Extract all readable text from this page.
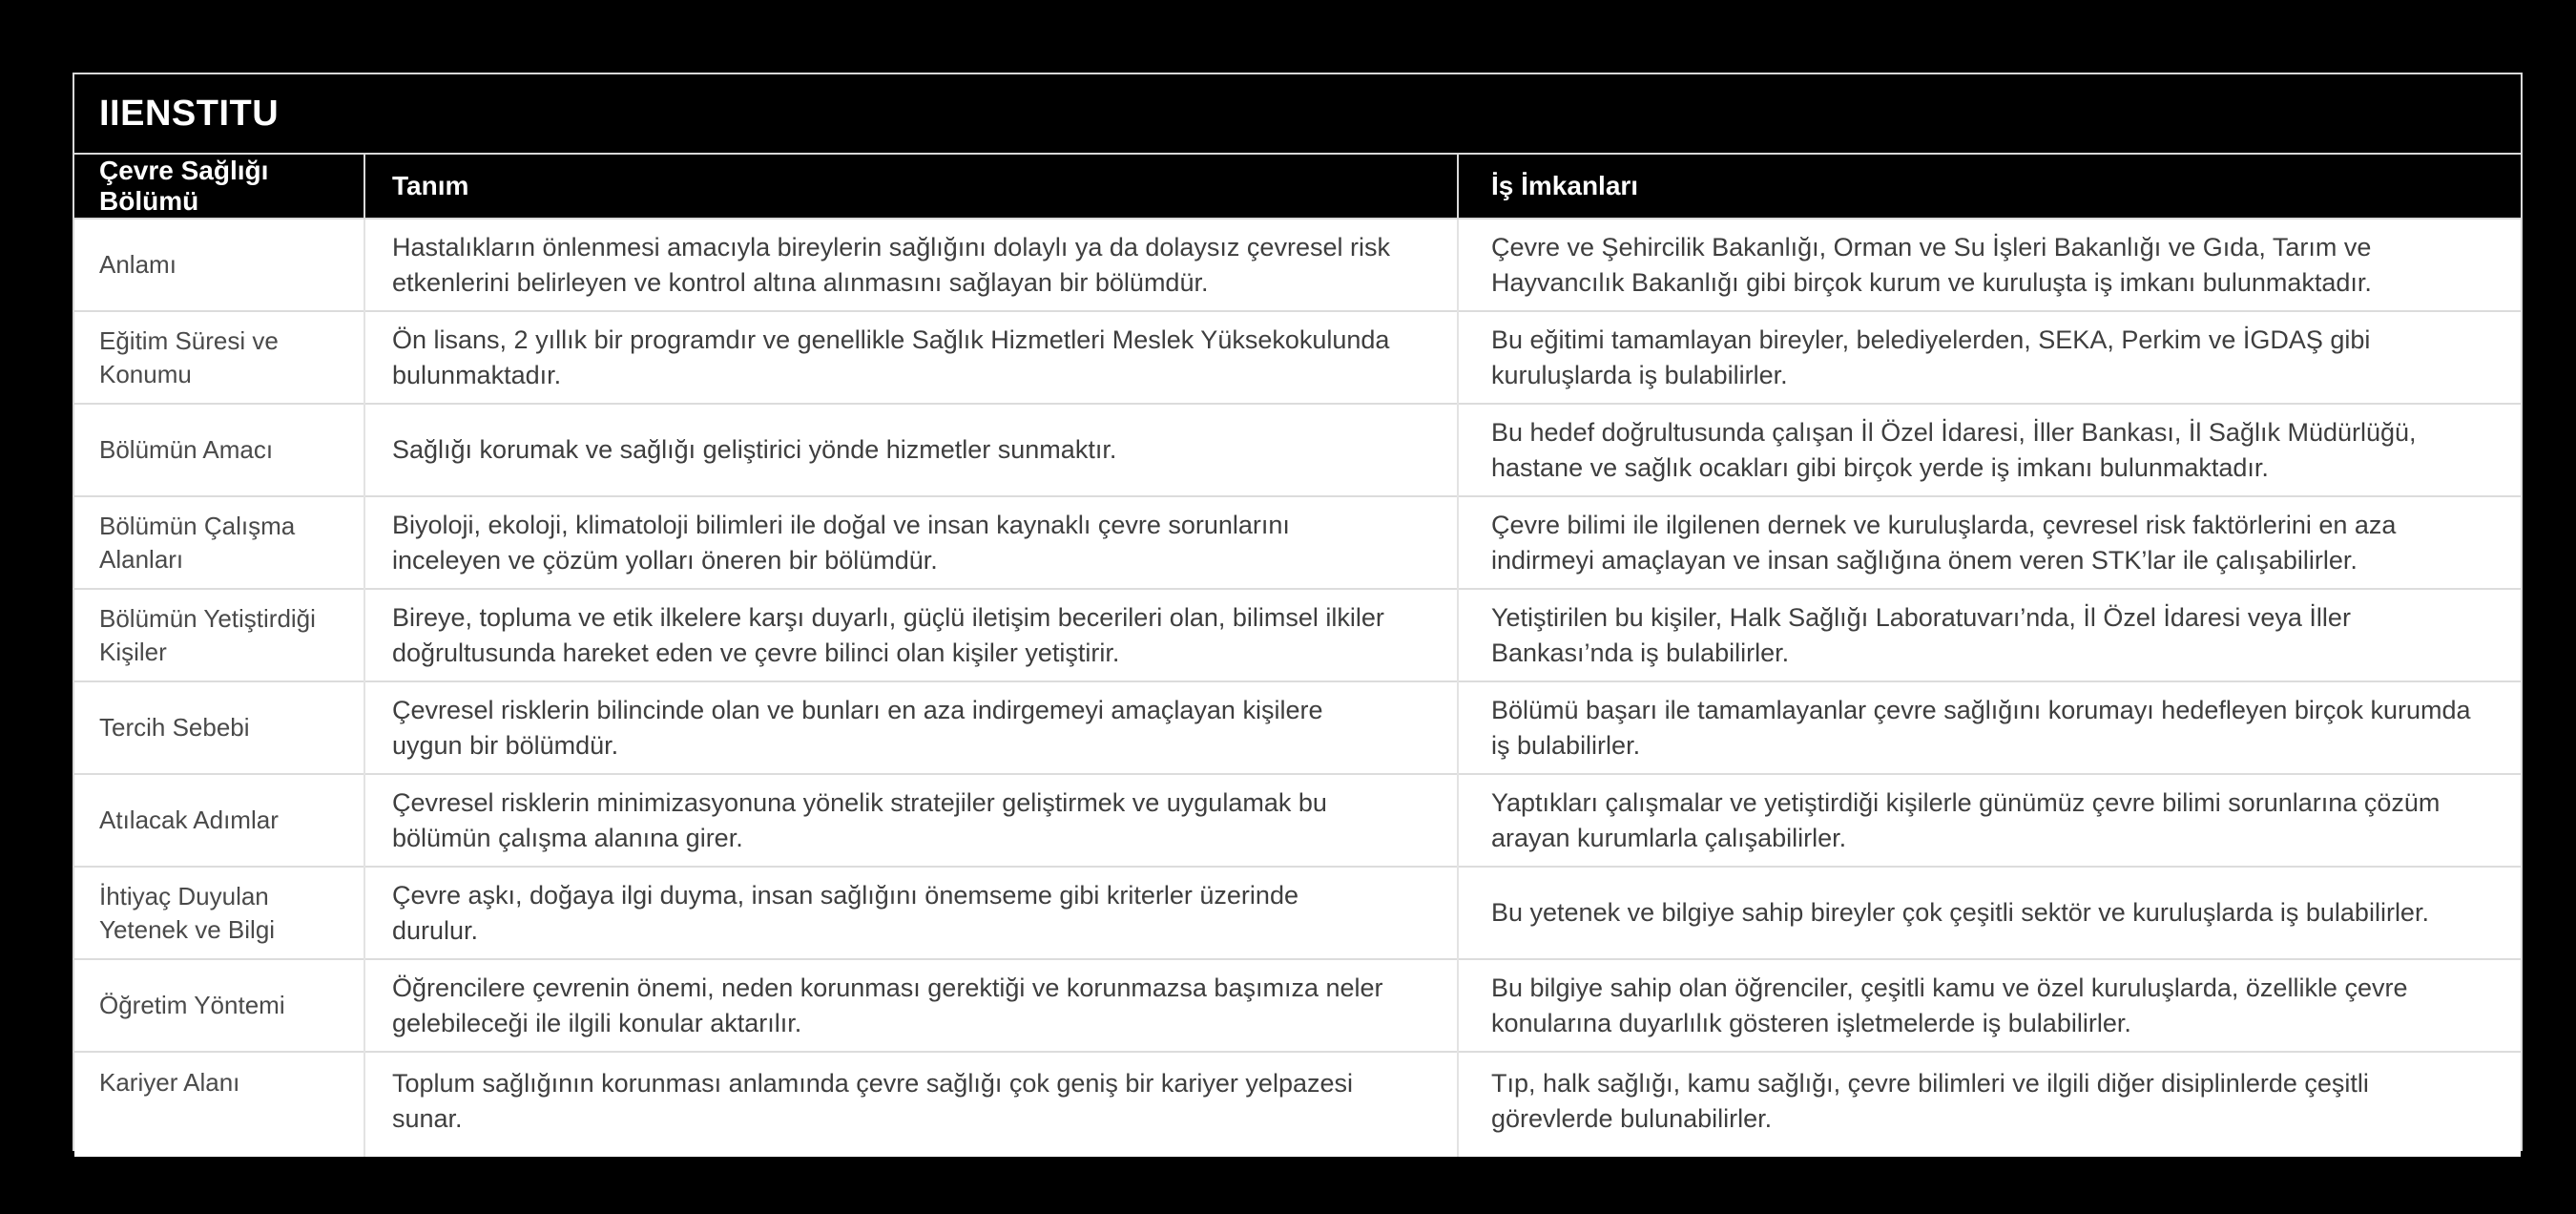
IIENSTITU
Çevre Sağlığı Bölümü	Tanım	İş İmkanları
Anlamı	Hastalıkların önlenmesi amacıyla bireylerin sağlığını dolaylı ya da dolaysız çevresel risk etkenlerini belirleyen ve kontrol altına alınmasını sağlayan bir bölümdür.	Çevre ve Şehircilik Bakanlığı, Orman ve Su İşleri Bakanlığı ve Gıda, Tarım ve Hayvancılık Bakanlığı gibi birçok kurum ve kuruluşta iş imkanı bulunmaktadır.
Eğitim Süresi ve Konumu	Ön lisans, 2 yıllık bir programdır ve genellikle Sağlık Hizmetleri Meslek Yüksekokulunda bulunmaktadır.	Bu eğitimi tamamlayan bireyler, belediyelerden, SEKA, Perkim ve İGDAŞ gibi kuruluşlarda iş bulabilirler.
Bölümün Amacı	Sağlığı korumak ve sağlığı geliştirici yönde hizmetler sunmaktır.	Bu hedef doğrultusunda çalışan İl Özel İdaresi, İller Bankası, İl Sağlık Müdürlüğü, hastane ve sağlık ocakları gibi birçok yerde iş imkanı bulunmaktadır.
Bölümün Çalışma Alanları	Biyoloji, ekoloji, klimatoloji bilimleri ile doğal ve insan kaynaklı çevre sorunlarını inceleyen ve çözüm yolları öneren bir bölümdür.	Çevre bilimi ile ilgilenen dernek ve kuruluşlarda, çevresel risk faktörlerini en aza indirmeyi amaçlayan ve insan sağlığına önem veren STK’lar ile çalışabilirler.
Bölümün Yetiştirdiği Kişiler	Bireye, topluma ve etik ilkelere karşı duyarlı, güçlü iletişim becerileri olan, bilimsel ilkiler doğrultusunda hareket eden ve çevre bilinci olan kişiler yetiştirir.	Yetiştirilen bu kişiler, Halk Sağlığı Laboratuvarı’nda, İl Özel İdaresi veya İller Bankası’nda iş bulabilirler.
Tercih Sebebi	Çevresel risklerin bilincinde olan ve bunları en aza indirgemeyi amaçlayan kişilere uygun bir bölümdür.	Bölümü başarı ile tamamlayanlar çevre sağlığını korumayı hedefleyen birçok kurumda iş bulabilirler.
Atılacak Adımlar	Çevresel risklerin minimizasyonuna yönelik stratejiler geliştirmek ve uygulamak bu bölümün çalışma alanına girer.	Yaptıkları çalışmalar ve yetiştirdiği kişilerle günümüz çevre bilimi sorunlarına çözüm arayan kurumlarla çalışabilirler.
İhtiyaç Duyulan Yetenek ve Bilgi	Çevre aşkı, doğaya ilgi duyma, insan sağlığını önemseme gibi kriterler üzerinde durulur.	Bu yetenek ve bilgiye sahip bireyler çok çeşitli sektör ve kuruluşlarda iş bulabilirler.
Öğretim Yöntemi	Öğrencilere çevrenin önemi, neden korunması gerektiği ve korunmazsa başımıza neler gelebileceği ile ilgili konular aktarılır.	Bu bilgiye sahip olan öğrenciler, çeşitli kamu ve özel kuruluşlarda, özellikle çevre konularına duyarlılık gösteren işletmelerde iş bulabilirler.
Kariyer Alanı	Toplum sağlığının korunması anlamında çevre sağlığı çok geniş bir kariyer yelpazesi sunar.	Tıp, halk sağlığı, kamu sağlığı, çevre bilimleri ve ilgili diğer disiplinlerde çeşitli görevlerde bulunabilirler.
